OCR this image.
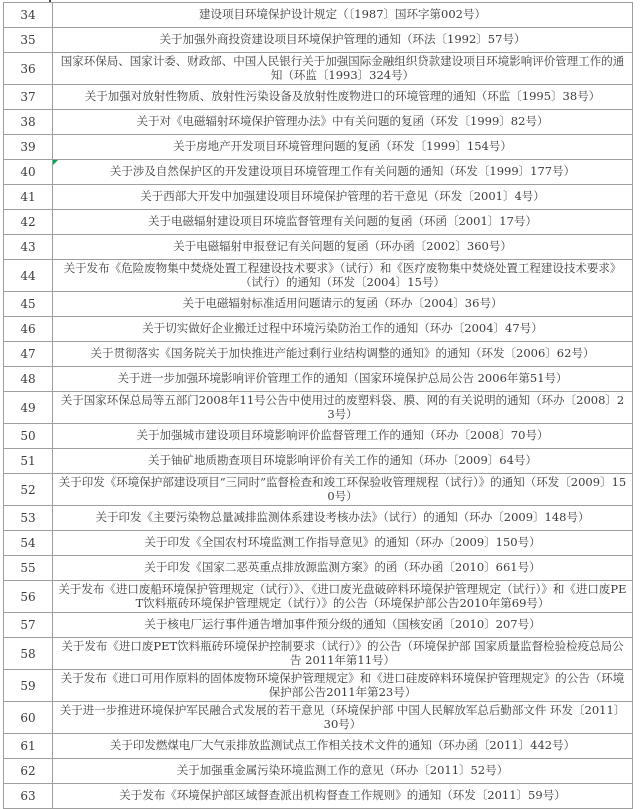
34	建设项目环境保护设计规定（〔1987〕国环字第002号）
35	关于加强外商投资建设项目环境保护管理的通知（环法〔1992〕57号）
36	国家环保局、国家计委、财政部、中国人民银行关于加强国际金融组织贷款建设项目环境影响评价管理工作的通知（环监〔1993〕324号）
37	关于加强对放射性物质、放射性污染设备及放射性废物进口的环境管理的通知（环监〔1995〕38号）
38	关于对《电磁辐射环境保护管理办法》中有关问题的复函（环发〔1999〕82号）
39	关于房地产开发项目环境管理问题的复函（环发〔1999〕154号）
40	关于涉及自然保护区的开发建设项目环境管理工作有关问题的通知（环发〔1999〕177号）
41	关于西部大开发中加强建设项目环境保护管理的若干意见（环发〔2001〕4号）
42	关于电磁辐射建设项目环境监督管理有关问题的复函（环函〔2001〕17号）
43	关于电磁辐射申报登记有关问题的复函（环办函〔2002〕360号）
44	关于发布《危险废物集中焚烧处置工程建设技术要求》（试行）和《医疗废物集中焚烧处置工程建设技术要求》（试行）的通知（环发〔2004〕15号）
45	关于电磁辐射标准适用问题请示的复函（环办〔2004〕36号）
46	关于切实做好企业搬迁过程中环境污染防治工作的通知（环办〔2004〕47号）
47	关于贯彻落实《国务院关于加快推进产能过剩行业结构调整的通知》的通知（环发〔2006〕62号）
48	关于进一步加强环境影响评价管理工作的通知（国家环境保护总局公告 2006年第51号）
49	关于国家环保总局等五部门2008年11号公告中使用过的废塑料袋、膜、网的有关说明的通知（环办〔2008〕23号）
50	关于加强城市建设项目环境影响评价监督管理工作的通知（环办〔2008〕70号）
51	关于铀矿地质勘查项目环境影响评价有关工作的通知（环办〔2009〕64号）
52	关于印发《环境保护部建设项目“三同时”监督检查和竣工环保验收管理规程（试行）》的通知（环发〔2009〕150号）
53	关于印发《主要污染物总量减排监测体系建设考核办法》（试行）的通知（环办〔2009〕148号）
54	关于印发《全国农村环境监测工作指导意见》的通知（环办〔2009〕150号）
55	关于印发《国家二恶英重点排放源监测方案》的函（环办函〔2010〕661号）
56	关于发布《进口废船环境保护管理规定（试行）》、《进口废光盘破碎料环境保护管理规定（试行）》和《进口废PET饮料瓶砖环境保护管理规定（试行）》的公告（环境保护部公告2010年第69号）
57	关于核电厂运行事件通告增加事件预分级的通知（国核安函〔2010〕207号）
58	关于发布《进口废PET饮料瓶砖环境保护控制要求（试行）》的公告（环境保护部 国家质量监督检验检疫总局公告 2011年第11号）
59	关于发布《进口可用作原料的固体废物环境保护管理规定》和《进口硅废碎料环境保护管理规定》的公告（环境保护部公告2011年第23号）
60	关于进一步推进环境保护军民融合式发展的若干意见（环境保护部 中国人民解放军总后勤部文件 环发〔2011〕30号）
61	关于印发燃煤电厂大气汞排放监测试点工作相关技术文件的通知（环办函〔2011〕442号）
62	关于加强重金属污染环境监测工作的意见（环办〔2011〕52号）
63	关于发布《环境保护部区域督查派出机构督查工作规则》的通知（环发〔2011〕59号）
